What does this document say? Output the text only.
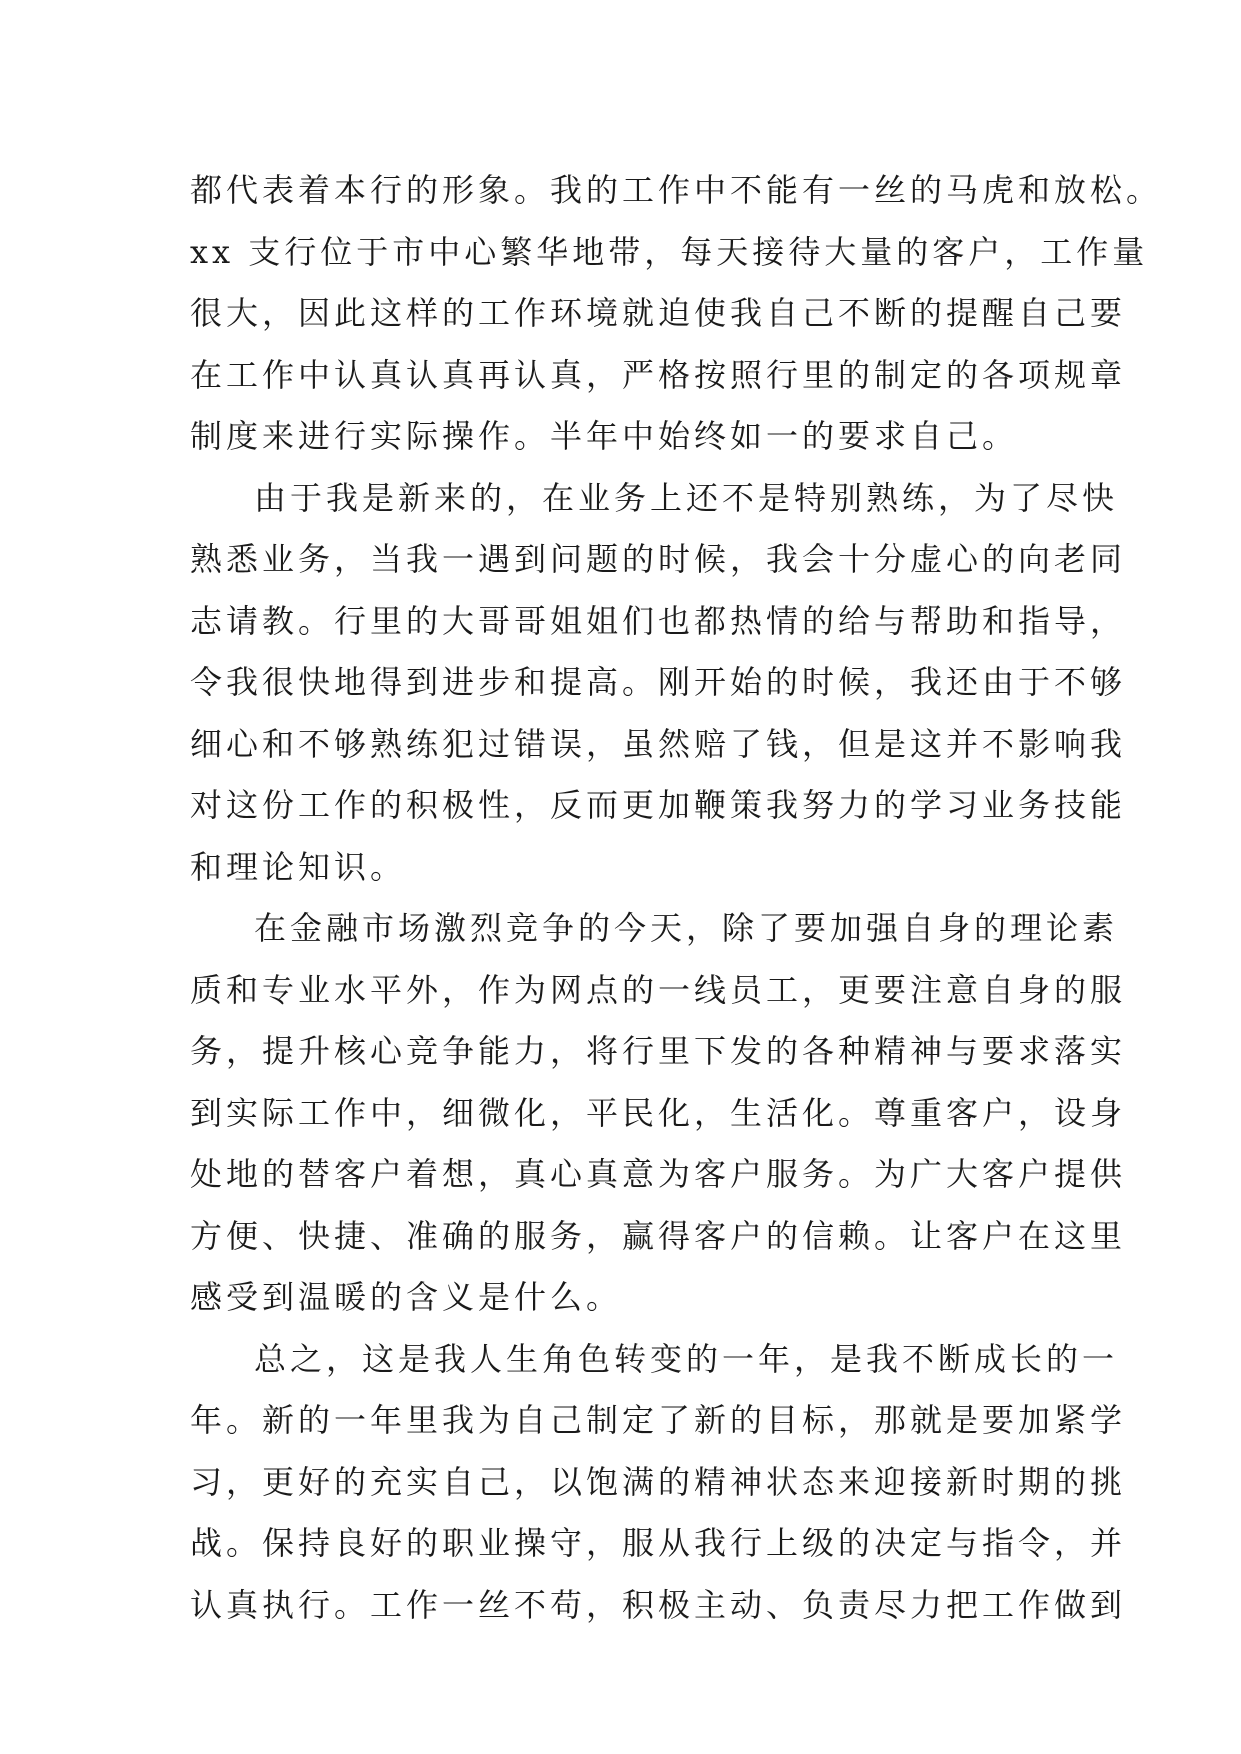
都代表着本行的形象。我的工作中不能有一丝的马虎和放松。
xx 支行位于市中心繁华地带，每天接待大量的客户，工作量
很大，因此这样的工作环境就迫使我自己不断的提醒自己要
在工作中认真认真再认真，严格按照行里的制定的各项规章
制度来进行实际操作。半年中始终如一的要求自己。
由于我是新来的，在业务上还不是特别熟练，为了尽快
熟悉业务，当我一遇到问题的时候，我会十分虚心的向老同
志请教。行里的大哥哥姐姐们也都热情的给与帮助和指导，
令我很快地得到进步和提高。刚开始的时候，我还由于不够
细心和不够熟练犯过错误，虽然赔了钱，但是这并不影响我
对这份工作的积极性，反而更加鞭策我努力的学习业务技能
和理论知识。
在金融市场激烈竞争的今天，除了要加强自身的理论素
质和专业水平外，作为网点的一线员工，更要注意自身的服
务，提升核心竞争能力，将行里下发的各种精神与要求落实
到实际工作中，细微化，平民化，生活化。尊重客户，设身
处地的替客户着想，真心真意为客户服务。为广大客户提供
方便、快捷、准确的服务，赢得客户的信赖。让客户在这里
感受到温暖的含义是什么。
总之，这是我人生角色转变的一年，是我不断成长的一
年。新的一年里我为自己制定了新的目标，那就是要加紧学
习，更好的充实自己，以饱满的精神状态来迎接新时期的挑
战。保持良好的职业操守，服从我行上级的决定与指令，并
认真执行。工作一丝不苟，积极主动、负责尽力把工作做到
